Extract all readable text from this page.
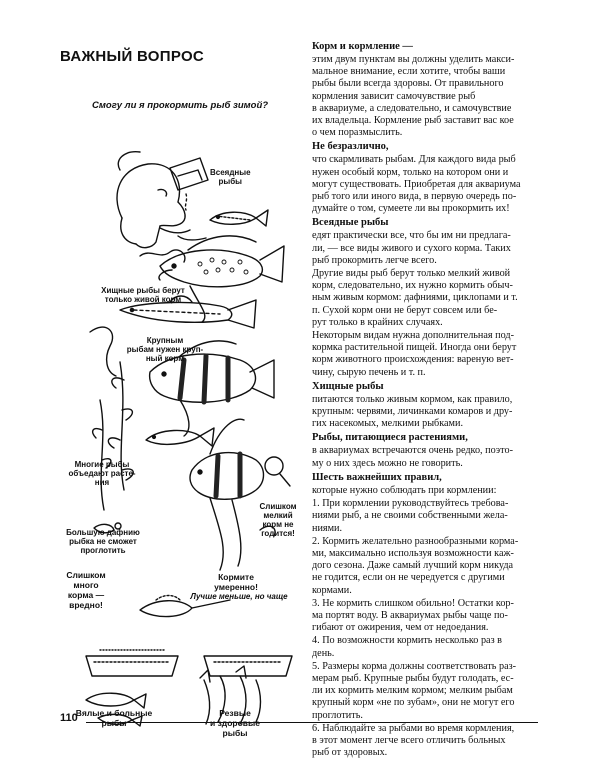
ВАЖНЫЙ ВОПРОС
Смогу ли я прокормить рыб зимой?
Всеядные
рыбы
Хищные рыбы берут
только живой корм
Крупным
рыбам нужен круп-
ный корм
Многие рыбы
объедают расте-
ния
Большую дафнию
рыбка не сможет
проглотить
Слишком
мелкий
корм не
годится!
Слишком
много
корма —
вредно!
Кормите
умеренно!
Лучше меньше, но чаще
Вялые и больные	Резвые

рыбы

Корм и кормление —

этим двум пунктам вы должны уделить макси-
мальное внимание, если хотите, чтобы ваши
рыбы были всегда здоровы. От правильного
кормления зависит самочувствие рыб
в аквариуме, а следовательно, и самочувствие
их владельца. Кормление рыб заставит вас кое
о чем поразмыслить.

Не безразлично,

что скармливать рыбам. Для каждого вида рыб
нужен особый корм, только на котором они и
могут существовать. Приобретая для аквариума
рыб того или иного вида, в первую очередь по-
думайте о том, сумеете ли вы прокормить их!

Всеядные рыбы

едят практически все, что бы им ни предлага-
ли, — все виды живого и сухого корма. Таких
рыб прокормить легче всего.

Другие виды рыб берут только мелкий живой
корм, следовательно, их нужно кормить обыч-
ным живым кормом: дафниями, циклопами и т.
п. Сухой корм они не берут совсем или бе-
рут только в крайних случаях.

Некоторым видам нужна дополнительная под-
кормка растительной пищей. Иногда они берут
корм животного происхождения: вареную вет-
чину, сырую печень и т. п.

Хищные рыбы

питаются только живым кормом, как правило,
крупным: червями, личинками комаров и дру-
гих насекомых, мелкими рыбками.

Рыбы, питающиеся растениями,

в аквариумах встречаются очень редко, поэто-
му о них здесь можно не говорить.

Шесть важнейших правил,

которые нужно соблюдать при кормлении:

1. При кормлении руководствуйтесь требова-
ниями рыб, а не своими собственными жела-
ниями.

2. Кормить желательно разнообразными корма-
ми, максимально используя возможности каж-
дого сезона. Даже самый лучший корм никуда
не годится, если он не чередуется с другими
кормами.

3. Не кормить слишком обильно! Остатки кор-
ма портят воду. В аквариумах рыбы чаще по-
гибают от ожирения, чем от недоедания.

4. По возможности кормить несколько раз в
день.

5. Размеры корма должны соответствовать раз-
мерам рыб. Крупные рыбы будут голодать, ес-
ли их кормить мелким кормом; мелким рыбам
крупный корм «не по зубам», они не могут его
проглотить.

6. Наблюдайте за рыбами во время кормления,
в этот момент легче всего отличить больных
рыб от здоровых.

110
